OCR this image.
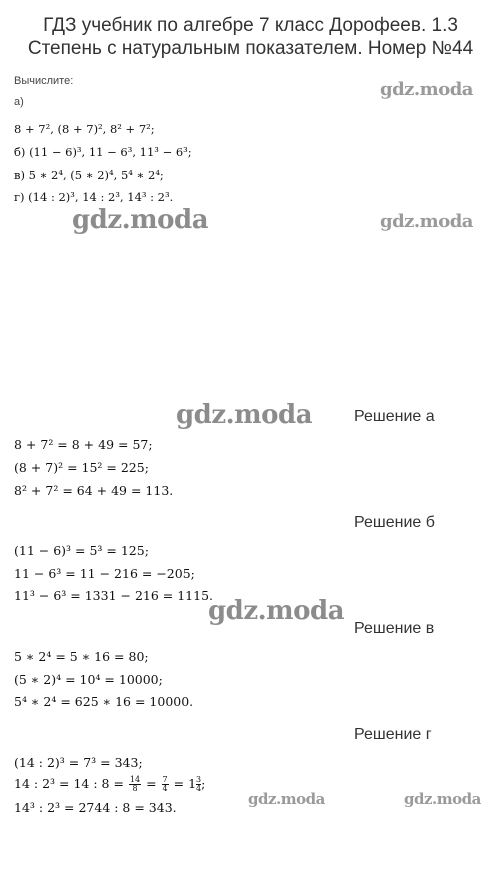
ГДЗ учебник по алгебре 7 класс Дорофеев. 1.3 Степень с натуральным показателем. Номер №44
Вычислите:
а)
8 + 7², (8 + 7)², 8² + 7²;
б) (11 − 6)³, 11 − 6³, 11³ − 6³;
в) 5 ∗ 2⁴, (5 ∗ 2)⁴, 5⁴ ∗ 2⁴;
г) (14 : 2)³, 14 : 2³, 14³ : 2³.
gdz.moda
gdz.moda	gdz.moda
gdz.moda	Решение а
8 + 7² = 8 + 49 = 57;
(8 + 7)² = 15² = 225;
8² + 7² = 64 + 49 = 113.
Решение б
(11 − 6)³ = 5³ = 125;
11 − 6³ = 11 − 216 = −205;
11³ − 6³ = 1331 − 216 = 1115.
gdz.moda
Решение в
5 ∗ 2⁴ = 5 ∗ 16 = 80;
(5 ∗ 2)⁴ = 10⁴ = 10000;
5⁴ ∗ 2⁴ = 625 ∗ 16 = 10000.
Решение г
(14 : 2)³ = 7³ = 343;
14 : 2³ = 14 : $8 = \frac{14}{8} = \frac{7}{4} = 1 \frac{3}{4}$;
14³ : 2³ = 2744 : 8 = 343.	gdz.moda	gdz.moda
